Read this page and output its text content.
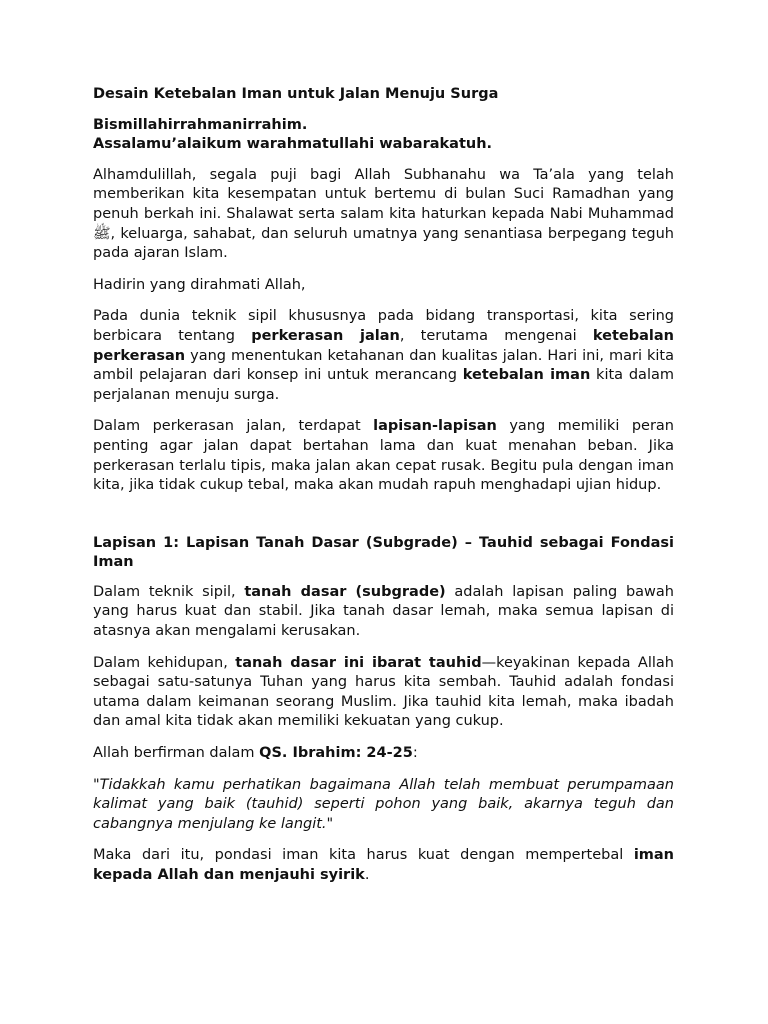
Desain Ketebalan Iman untuk Jalan Menuju Surga

Bismillahirrahmanirrahim.
Assalamu’alaikum warahmatullahi wabarakatuh.

Alhamdulillah, segala puji bagi Allah Subhanahu wa Ta’ala yang telah memberikan kita kesempatan untuk bertemu di bulan Suci Ramadhan yang penuh berkah ini. Shalawat serta salam kita haturkan kepada Nabi Muhammad ﷺ, keluarga, sahabat, dan seluruh umatnya yang senantiasa berpegang teguh pada ajaran Islam.

Hadirin yang dirahmati Allah,

Pada dunia teknik sipil khususnya pada bidang transportasi, kita sering berbicara tentang perkerasan jalan, terutama mengenai ketebalan perkerasan yang menentukan ketahanan dan kualitas jalan. Hari ini, mari kita ambil pelajaran dari konsep ini untuk merancang ketebalan iman kita dalam perjalanan menuju surga.

Dalam perkerasan jalan, terdapat lapisan-lapisan yang memiliki peran penting agar jalan dapat bertahan lama dan kuat menahan beban. Jika perkerasan terlalu tipis, maka jalan akan cepat rusak. Begitu pula dengan iman kita, jika tidak cukup tebal, maka akan mudah rapuh menghadapi ujian hidup.

Lapisan 1: Lapisan Tanah Dasar (Subgrade) – Tauhid sebagai Fondasi Iman

Dalam teknik sipil, tanah dasar (subgrade) adalah lapisan paling bawah yang harus kuat dan stabil. Jika tanah dasar lemah, maka semua lapisan di atasnya akan mengalami kerusakan.

Dalam kehidupan, tanah dasar ini ibarat tauhid—keyakinan kepada Allah sebagai satu-satunya Tuhan yang harus kita sembah. Tauhid adalah fondasi utama dalam keimanan seorang Muslim. Jika tauhid kita lemah, maka ibadah dan amal kita tidak akan memiliki kekuatan yang cukup.

Allah berfirman dalam QS. Ibrahim: 24-25:

"Tidakkah kamu perhatikan bagaimana Allah telah membuat perumpamaan kalimat yang baik (tauhid) seperti pohon yang baik, akarnya teguh dan cabangnya menjulang ke langit."

Maka dari itu, pondasi iman kita harus kuat dengan mempertebal iman kepada Allah dan menjauhi syirik.
